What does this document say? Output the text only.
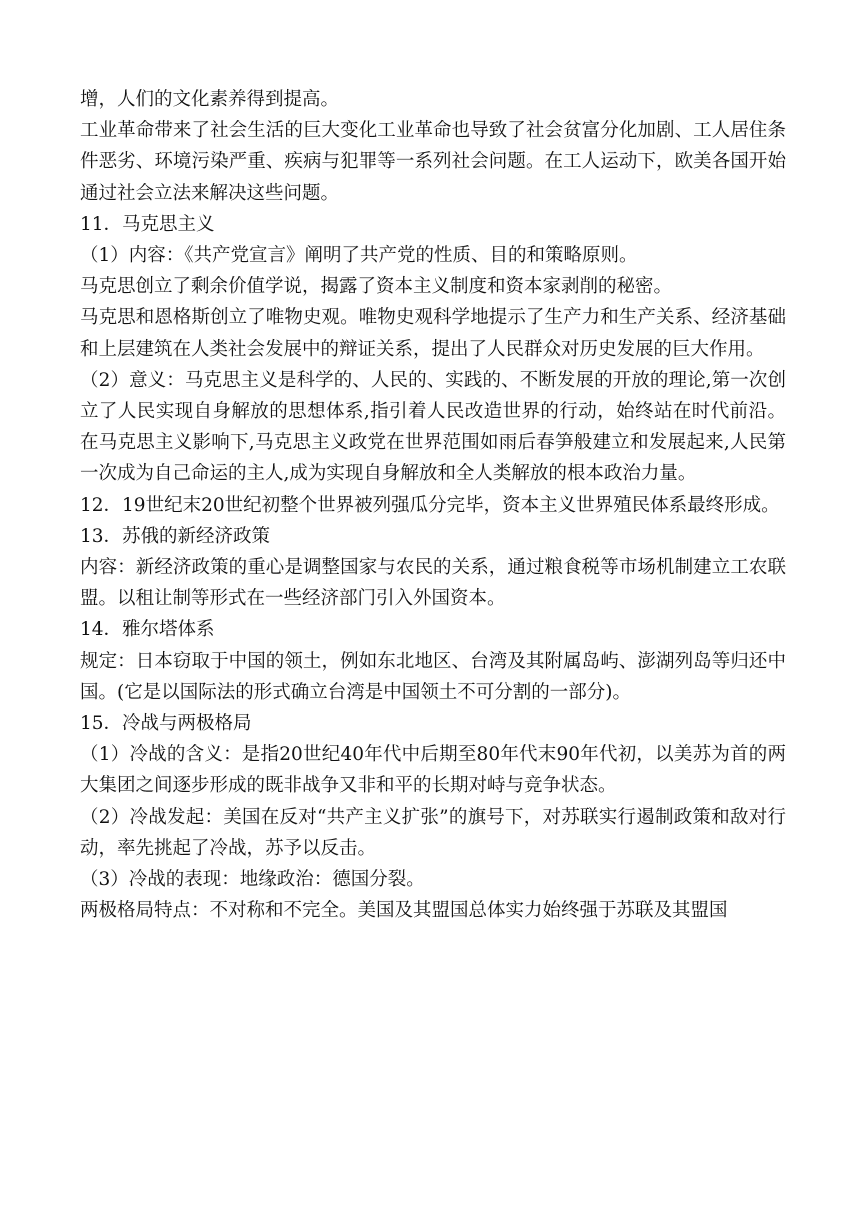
增，人们的文化素养得到提高。

工业革命带来了社会生活的巨大变化工业革命也导致了社会贫富分化加剧、工人居住条件恶劣、环境污染严重、疾病与犯罪等一系列社会问题。在工人运动下，欧美各国开始通过社会立法来解决这些问题。

11．马克思主义

（1）内容：《共产党宣言》阐明了共产党的性质、目的和策略原则。

马克思创立了剩余价值学说，揭露了资本主义制度和资本家剥削的秘密。

马克思和恩格斯创立了唯物史观。唯物史观科学地提示了生产力和生产关系、经济基础和上层建筑在人类社会发展中的辩证关系，提出了人民群众对历史发展的巨大作用。

（2）意义：马克思主义是科学的、人民的、实践的、不断发展的开放的理论,第一次创立了人民实现自身解放的思想体系,指引着人民改造世界的行动，始终站在时代前沿。在马克思主义影响下,马克思主义政党在世界范围如雨后春笋般建立和发展起来,人民第一次成为自己命运的主人,成为实现自身解放和全人类解放的根本政治力量。

12．19世纪末20世纪初整个世界被列强瓜分完毕，资本主义世界殖民体系最终形成。

13．苏俄的新经济政策

内容：新经济政策的重心是调整国家与农民的关系，通过粮食税等市场机制建立工农联盟。以租让制等形式在一些经济部门引入外国资本。

14．雅尔塔体系

规定：日本窃取于中国的领土，例如东北地区、台湾及其附属岛屿、澎湖列岛等归还中国。(它是以国际法的形式确立台湾是中国领土不可分割的一部分)。

15．冷战与两极格局

（1）冷战的含义：是指20世纪40年代中后期至80年代末90年代初，以美苏为首的两大集团之间逐步形成的既非战争又非和平的长期对峙与竞争状态。

（2）冷战发起：美国在反对“共产主义扩张”的旗号下，对苏联实行遏制政策和敌对行动，率先挑起了冷战，苏予以反击。

（3）冷战的表现：地缘政治：德国分裂。

两极格局特点：不对称和不完全。美国及其盟国总体实力始终强于苏联及其盟国
